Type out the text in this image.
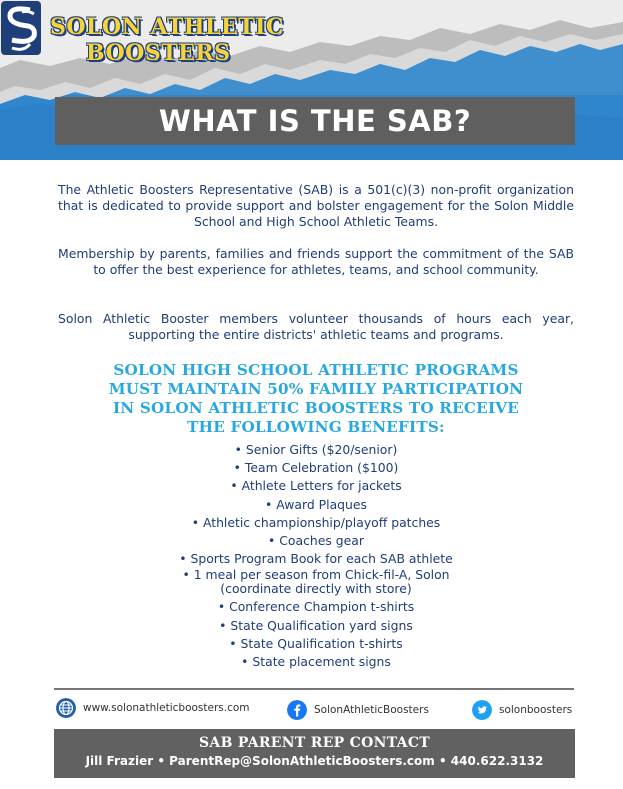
SOLON ATHLETIC
BOOSTERS
WHAT IS THE SAB?

The Athletic Boosters Representative (SAB) is a 501(c)(3) non-profit organization that is dedicated to provide support and bolster engagement for the Solon Middle School and High School Athletic Teams.

Membership by parents, families and friends support the commitment of the SAB to offer the best experience for athletes, teams, and school community.

Solon Athletic Booster members volunteer thousands of hours each year, supporting the entire districts' athletic teams and programs.

SOLON HIGH SCHOOL ATHLETIC PROGRAMS
MUST MAINTAIN 50% FAMILY PARTICIPATION
IN SOLON ATHLETIC BOOSTERS TO RECEIVE
THE FOLLOWING BENEFITS:
• Senior Gifts ($20/senior)
• Team Celebration ($100)
• Athlete Letters for jackets
• Award Plaques
• Athletic championship/playoff patches
• Coaches gear
• Sports Program Book for each SAB athlete
• 1 meal per season from Chick-fil-A, Solon
(coordinate directly with store)
• Conference Champion t-shirts
• State Qualification yard signs
• State Qualification t-shirts
• State placement signs
www.solonathleticboosters.com	SolonAthleticBoosters	solonboosters
SAB PARENT REP CONTACT
Jill Frazier • ParentRep@SolonAthleticBoosters.com • 440.622.3132
